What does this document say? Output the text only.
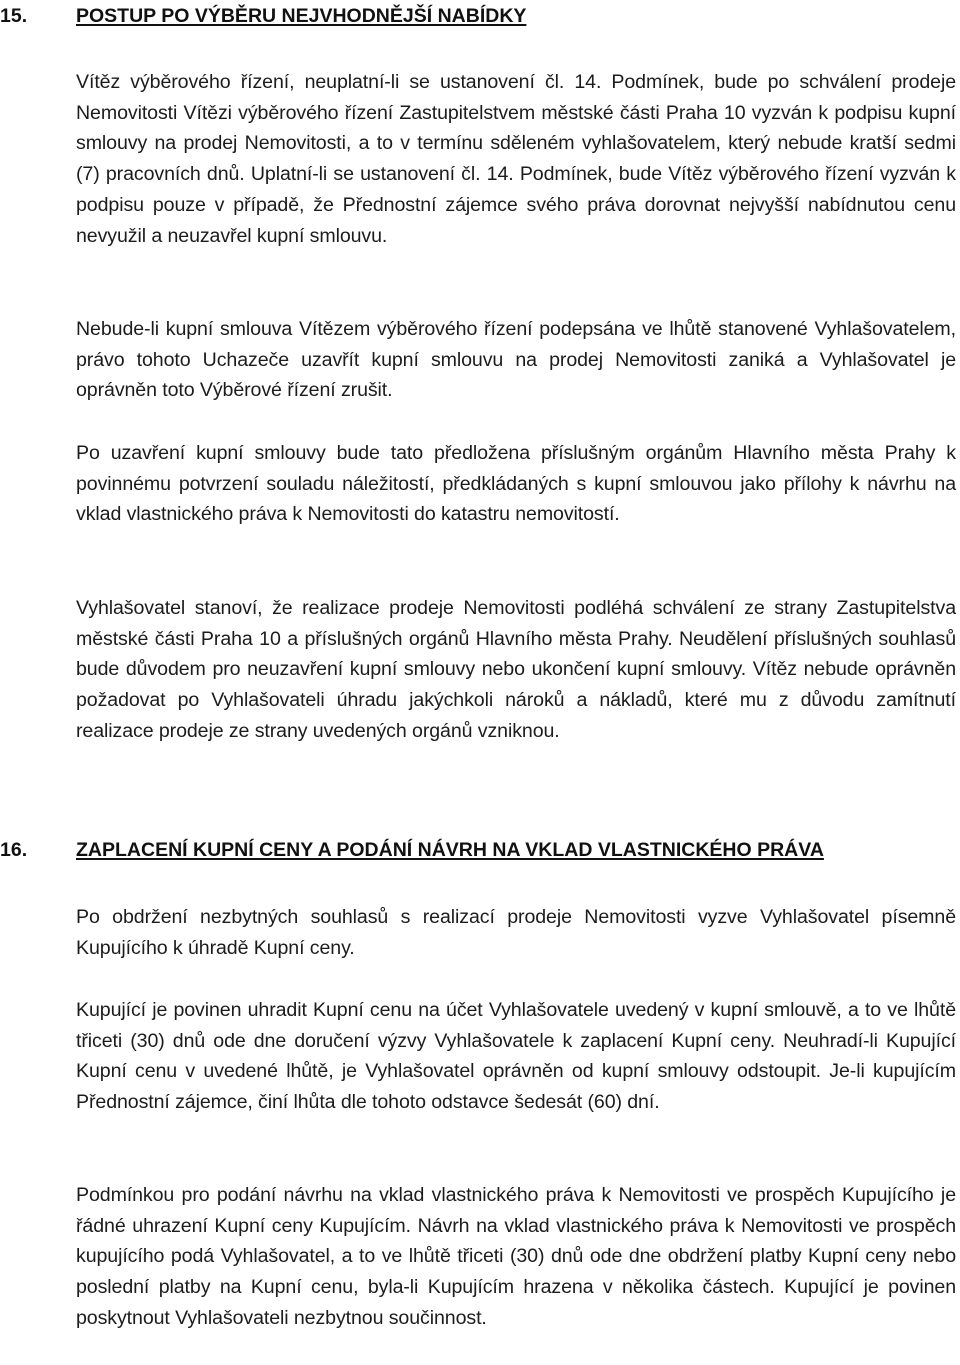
15.	POSTUP PO VÝBĚRU NEJVHODNĚJŠÍ NABÍDKY

Vítěz výběrového řízení, neuplatní-li se ustanovení čl. 14. Podmínek, bude po schválení prodeje Nemovitosti Vítězi výběrového řízení Zastupitelstvem městské části Praha 10 vyzván k podpisu kupní smlouvy na prodej Nemovitosti, a to v termínu sděleném vyhlašovatelem, který nebude kratší sedmi (7) pracovních dnů. Uplatní-li se ustanovení čl. 14. Podmínek, bude Vítěz výběrového řízení vyzván k podpisu pouze v případě, že Přednostní zájemce svého práva dorovnat nejvyšší nabídnutou cenu nevyužil a neuzavřel kupní smlouvu.

Nebude-li kupní smlouva Vítězem výběrového řízení podepsána ve lhůtě stanovené Vyhlašovatelem, právo tohoto Uchazeče uzavřít kupní smlouvu na prodej Nemovitosti zaniká a Vyhlašovatel je oprávněn toto Výběrové řízení zrušit.

Po uzavření kupní smlouvy bude tato předložena příslušným orgánům Hlavního města Prahy k povinnému potvrzení souladu náležitostí, předkládaných s kupní smlouvou jako přílohy k návrhu na vklad vlastnického práva k Nemovitosti do katastru nemovitostí.

Vyhlašovatel stanoví, že realizace prodeje Nemovitosti podléhá schválení ze strany Zastupitelstva městské části Praha 10 a příslušných orgánů Hlavního města Prahy. Neudělení příslušných souhlasů bude důvodem pro neuzavření kupní smlouvy nebo ukončení kupní smlouvy. Vítěz nebude oprávněn požadovat po Vyhlašovateli úhradu jakýchkoli nároků a nákladů, které mu z důvodu zamítnutí realizace prodeje ze strany uvedených orgánů vzniknou.

16.	ZAPLACENÍ KUPNÍ CENY A PODÁNÍ NÁVRH NA VKLAD VLASTNICKÉHO PRÁVA

Po obdržení nezbytných souhlasů s realizací prodeje Nemovitosti vyzve Vyhlašovatel písemně Kupujícího k úhradě Kupní ceny.

Kupující je povinen uhradit Kupní cenu na účet Vyhlašovatele uvedený v kupní smlouvě, a to ve lhůtě třiceti (30) dnů ode dne doručení výzvy Vyhlašovatele k zaplacení Kupní ceny. Neuhradí-li Kupující Kupní cenu v uvedené lhůtě, je Vyhlašovatel oprávněn od kupní smlouvy odstoupit. Je-li kupujícím Přednostní zájemce, činí lhůta dle tohoto odstavce šedesát (60) dní.

Podmínkou pro podání návrhu na vklad vlastnického práva k Nemovitosti ve prospěch Kupujícího je řádné uhrazení Kupní ceny Kupujícím. Návrh na vklad vlastnického práva k Nemovitosti ve prospěch kupujícího podá Vyhlašovatel, a to ve lhůtě třiceti (30) dnů ode dne obdržení platby Kupní ceny nebo poslední platby na Kupní cenu, byla-li Kupujícím hrazena v několika částech. Kupující je povinen poskytnout Vyhlašovateli nezbytnou součinnost.
